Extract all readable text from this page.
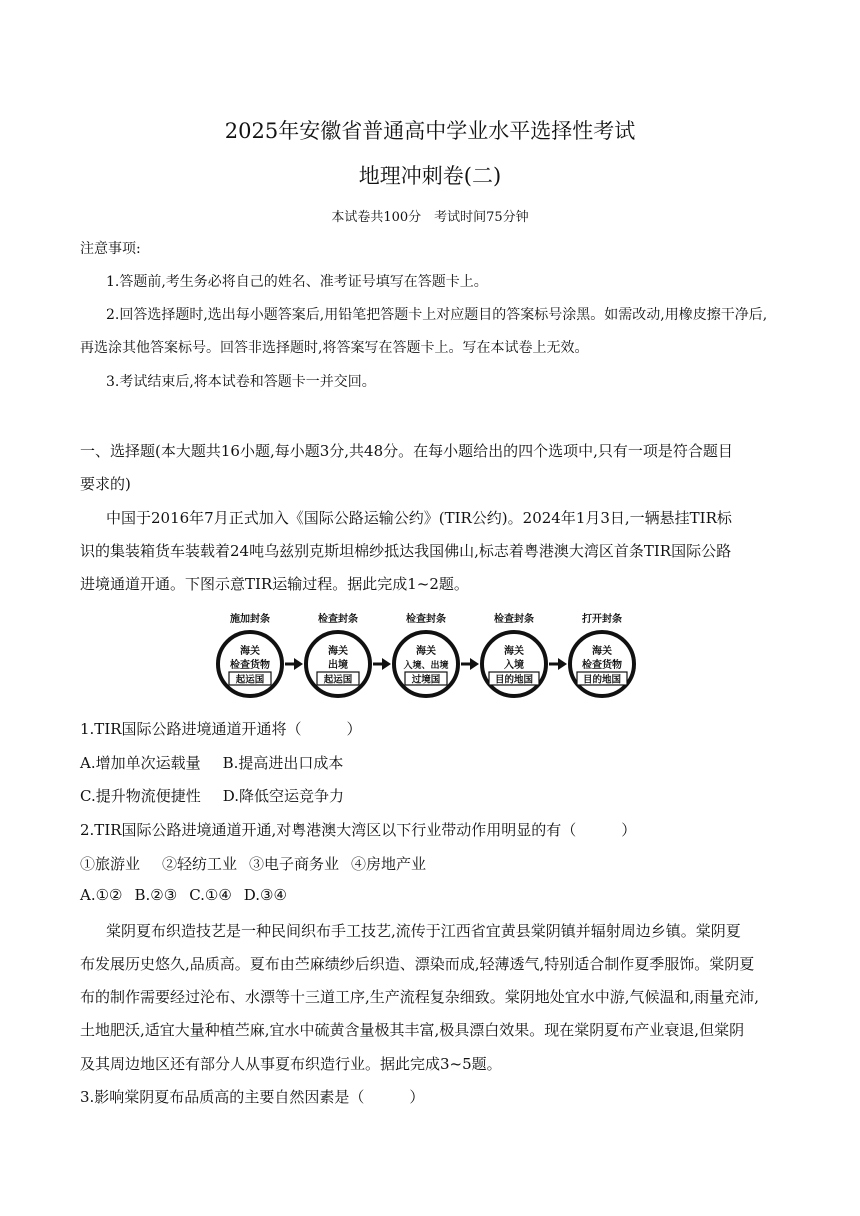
2025年安徽省普通高中学业水平选择性考试
地理冲刺卷(二)
本试卷共100分　考试时间75分钟
注意事项:
1.答题前,考生务必将自己的姓名、准考证号填写在答题卡上。
2.回答选择题时,选出每小题答案后,用铅笔把答题卡上对应题目的答案标号涂黑。如需改动,用橡皮擦干净后,
再选涂其他答案标号。回答非选择题时,将答案写在答题卡上。写在本试卷上无效。
3.考试结束后,将本试卷和答题卡一并交回。
一、选择题(本大题共16小题,每小题3分,共48分。在每小题给出的四个选项中,只有一项是符合题目
要求的)
中国于2016年7月正式加入《国际公路运输公约》(TIR公约)。2024年1月3日,一辆悬挂TIR标
识的集装箱货车装载着24吨乌兹别克斯坦棉纱抵达我国佛山,标志着粤港澳大湾区首条TIR国际公路
进境通道开通。下图示意TIR运输过程。据此完成1~2题。
施加封条
海关
检查货物
起运国
检查封条
海关
出境
起运国
检查封条
海关
入境、出境
过境国
检查封条
海关
入境
目的地国
打开封条
海关
检查货物
目的地国
1.TIR国际公路进境通道开通将（　　　）
A.增加单次运载量 B.提高进出口成本
C.提升物流便捷性 D.降低空运竞争力
2.TIR国际公路进境通道开通,对粤港澳大湾区以下行业带动作用明显的有（　　　）
①旅游业 ②轻纺工业 ③电子商务业 ④房地产业
A.①② B.②③ C.①④ D.③④
棠阴夏布织造技艺是一种民间织布手工技艺,流传于江西省宜黄县棠阴镇并辐射周边乡镇。棠阴夏
布发展历史悠久,品质高。夏布由苎麻绩纱后织造、漂染而成,轻薄透气,特别适合制作夏季服饰。棠阴夏
布的制作需要经过沦布、水漂等十三道工序,生产流程复杂细致。棠阴地处宜水中游,气候温和,雨量充沛,
土地肥沃,适宜大量种植苎麻,宜水中硫黄含量极其丰富,极具漂白效果。现在棠阴夏布产业衰退,但棠阴
及其周边地区还有部分人从事夏布织造行业。据此完成3~5题。
3.影响棠阴夏布品质高的主要自然因素是（　　　）
